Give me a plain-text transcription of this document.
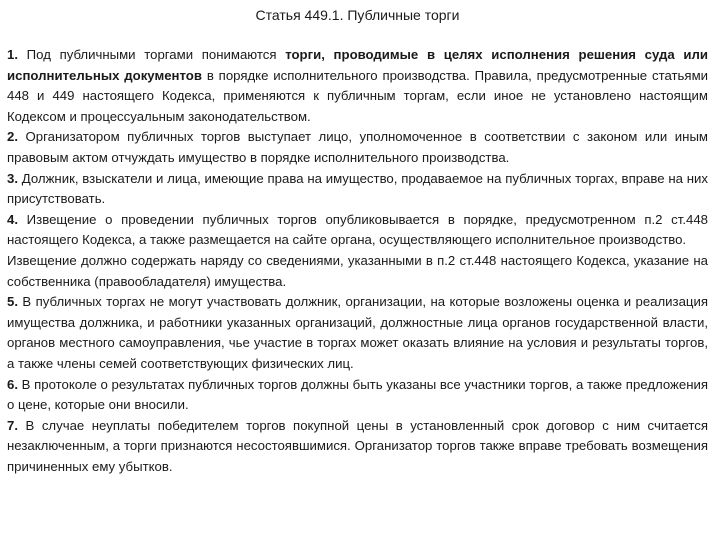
Статья 449.1. Публичные торги

1. Под публичными торгами понимаются торги, проводимые в целях исполнения решения суда или исполнительных документов в порядке исполнительного производства. Правила, предусмотренные статьями 448 и 449 настоящего Кодекса, применяются к публичным торгам, если иное не установлено настоящим Кодексом и процессуальным законодательством.

2. Организатором публичных торгов выступает лицо, уполномоченное в соответствии с законом или иным правовым актом отчуждать имущество в порядке исполнительного производства.

3. Должник, взыскатели и лица, имеющие права на имущество, продаваемое на публичных торгах, вправе на них присутствовать.

4. Извещение о проведении публичных торгов опубликовывается в порядке, предусмотренном п.2 ст.448 настоящего Кодекса, а также размещается на сайте органа, осуществляющего исполнительное производство.

Извещение должно содержать наряду со сведениями, указанными в п.2 ст.448 настоящего Кодекса, указание на собственника (правообладателя) имущества.

5. В публичных торгах не могут участвовать должник, организации, на которые возложены оценка и реализация имущества должника, и работники указанных организаций, должностные лица органов государственной власти, органов местного самоуправления, чье участие в торгах может оказать влияние на условия и результаты торгов, а также члены семей соответствующих физических лиц.

6. В протоколе о результатах публичных торгов должны быть указаны все участники торгов, а также предложения о цене, которые они вносили.

7. В случае неуплаты победителем торгов покупной цены в установленный срок договор с ним считается незаключенным, а торги признаются несостоявшимися. Организатор торгов также вправе требовать возмещения причиненных ему убытков.
